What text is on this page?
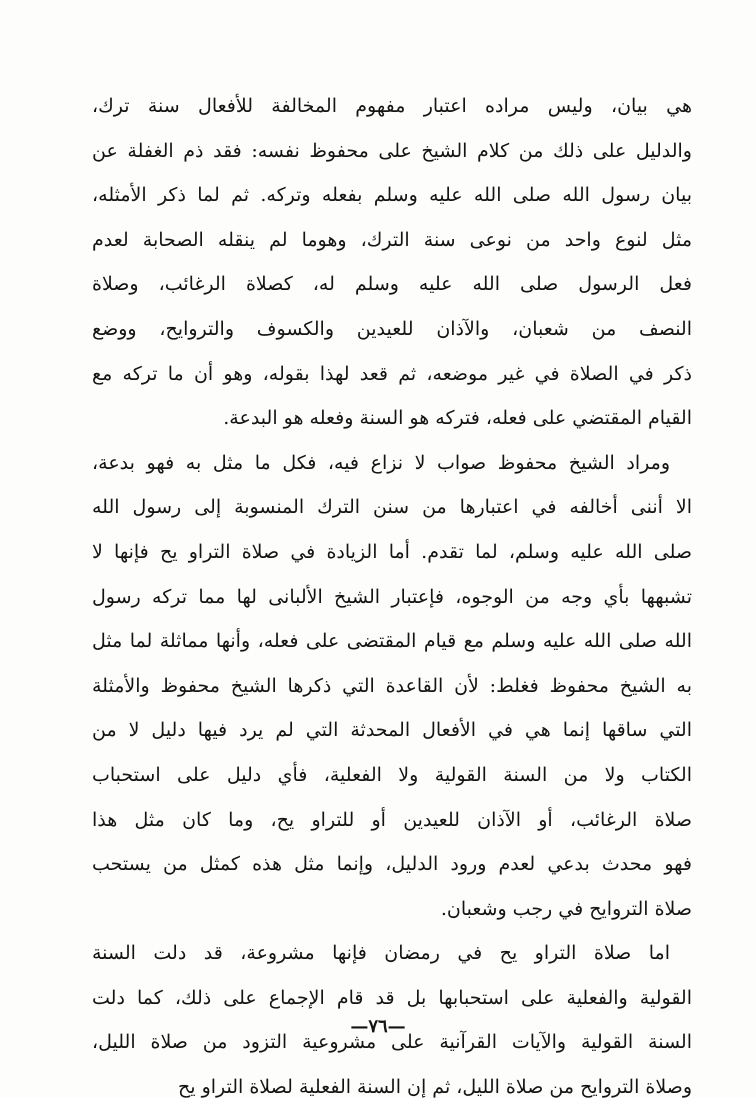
هي بيان، وليس مراده اعتبار مفهوم المخالفة للأفعال سنة ترك،
والدليل على ذلك من كلام الشيخ على محفوظ نفسه: فقد ذم الغفلة عن
بيان رسول الله صلى الله عليه وسلم بفعله وتركه. ثم لما ذكر الأمثله،
مثل لنوع واحد من نوعى سنة الترك، وهوما لم ينقله الصحابة لعدم
فعل الرسول صلى الله عليه وسلم له، كصلاة الرغائب، وصلاة
النصف من شعبان، والآذان للعيدين والكسوف والتروايح، ووضع
ذكر في الصلاة في غير موضعه، ثم قعد لهذا بقوله، وهو أن ما تركه مع
القيام المقتضي على فعله، فتركه هو السنة وفعله هو البدعة.
ومراد الشيخ محفوظ صواب لا نزاع فيه، فكل ما مثل به فهو بدعة،
الا أننى أخالفه في اعتبارها من سنن الترك المنسوبة إلى رسول الله
صلى الله عليه وسلم، لما تقدم. أما الزيادة في صلاة التراو يح فإنها لا
تشبهها بأي وجه من الوجوه، فإعتبار الشيخ الألبانى لها مما تركه رسول
الله صلى الله عليه وسلم مع قيام المقتضى على فعله، وأنها مماثلة لما مثل
به الشيخ محفوظ فغلط: لأن القاعدة التي ذكرها الشيخ محفوظ والأمثلة
التي ساقها إنما هي في الأفعال المحدثة التي لم يرد فيها دليل لا من
الكتاب ولا من السنة القولية ولا الفعلية، فأي دليل على استحباب
صلاة الرغائب، أو الآذان للعيدين أو للتراو يح، وما كان مثل هذا
فهو محدث بدعي لعدم ورود الدليل، وإنما مثل هذه كمثل من يستحب
صلاة التروايح في رجب وشعبان.
اما صلاة التراو يح في رمضان فإنها مشروعة، قد دلت السنة
القولية والفعلية على استحبابها بل قد قام الإجماع على ذلك، كما دلت
السنة القولية والآيات القرآنية على مشروعية التزود من صلاة الليل،
وصلاة التروايح من صلاة الليل، ثم إن السنة الفعلية لصلاة التراو يح
—٧٦—
